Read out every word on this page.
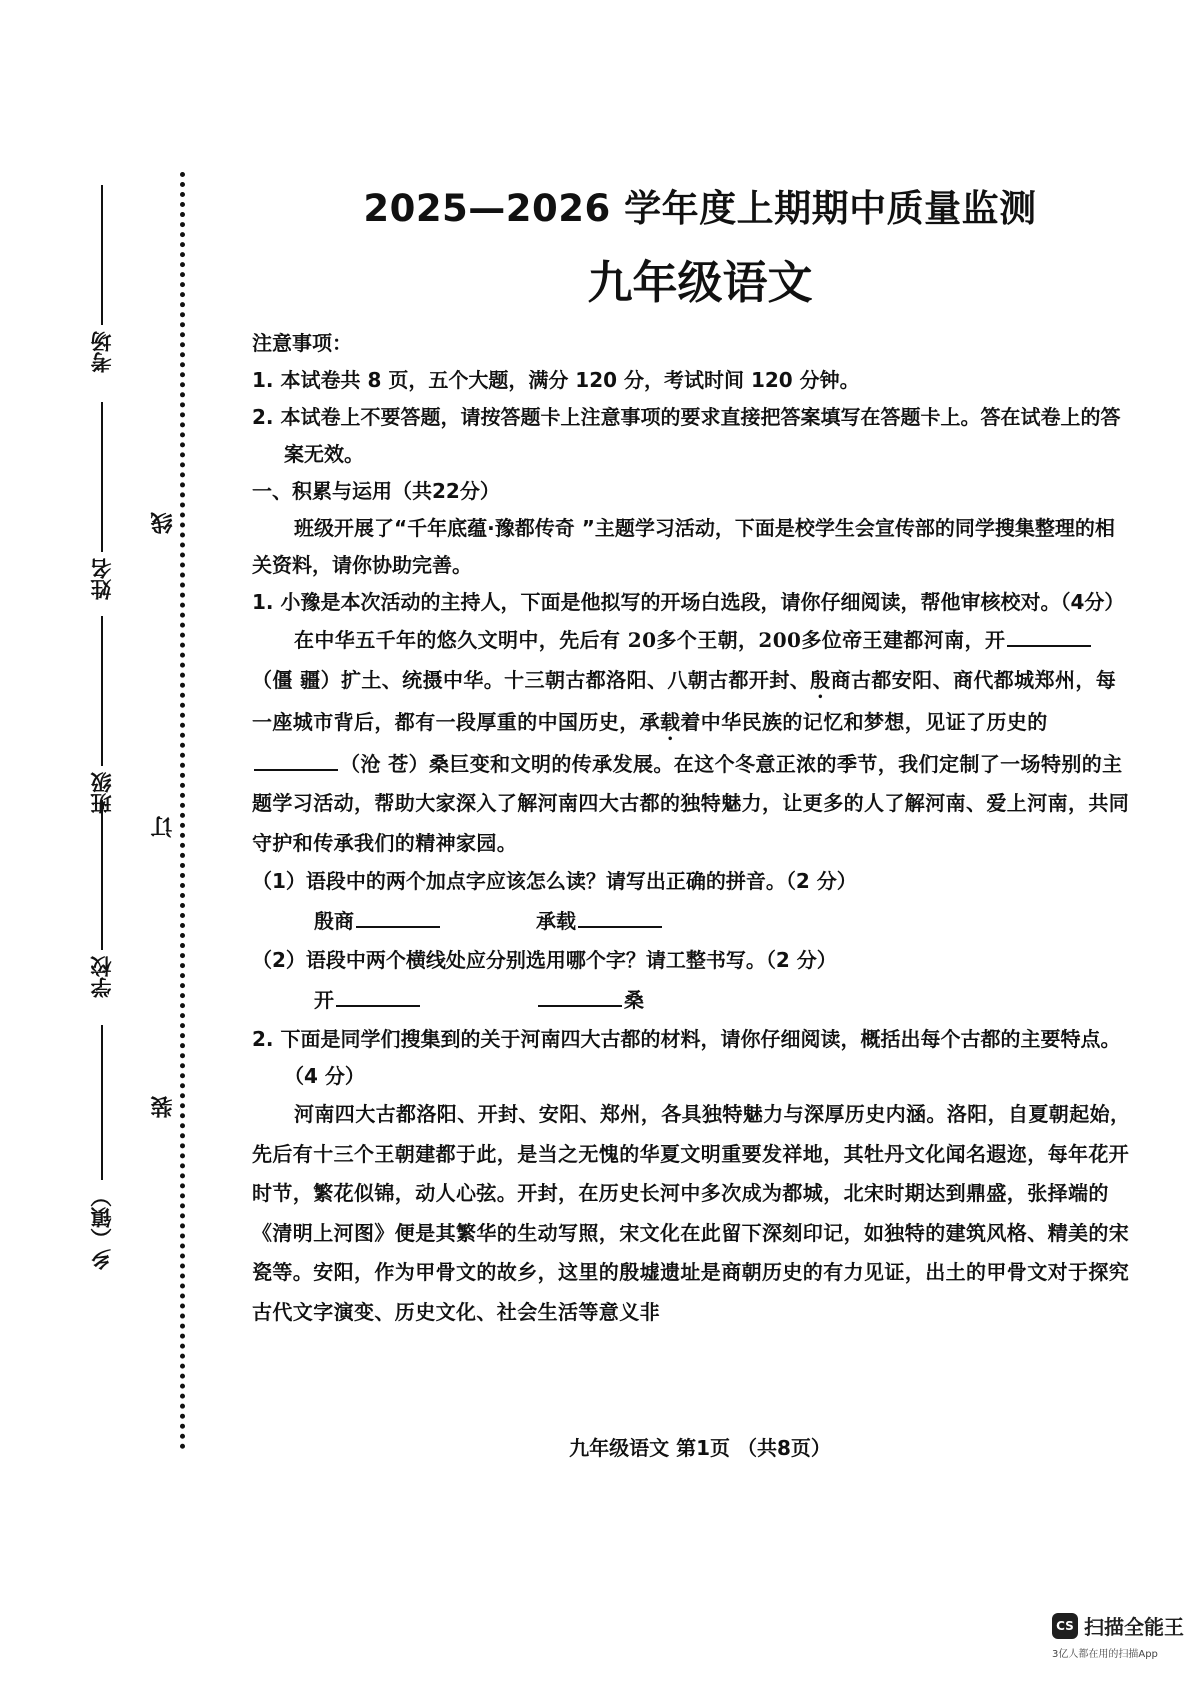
考场
姓名
班级
学校
乡（镇）
线
订
装
2025—2026 学年度上期期中质量监测
九年级语文

注意事项：

1. 本试卷共 8 页，五个大题，满分 120 分，考试时间 120 分钟。

2. 本试卷上不要答题，请按答题卡上注意事项的要求直接把答案填写在答题卡上。答在试卷上的答案无效。

一、积累与运用（共22分）

班级开展了“千年底蕴·豫都传奇 ”主题学习活动，下面是校学生会宣传部的同学搜集整理的相关资料，请你协助完善。

1. 小豫是本次活动的主持人，下面是他拟写的开场白选段，请你仔细阅读，帮他审核校对。（4分）

在中华五千年的悠久文明中，先后有 20多个王朝，200多位帝王建都河南，开（僵 疆）扩土、统摄中华。十三朝古都洛阳、八朝古都开封、殷商古都安阳、商代都城郑州，每一座城市背后，都有一段厚重的中国历史，承载着中华民族的记忆和梦想，见证了历史的（沧 苍）桑巨变和文明的传承发展。在这个冬意正浓的季节，我们定制了一场特别的主题学习活动，帮助大家深入了解河南四大古都的独特魅力，让更多的人了解河南、爱上河南，共同守护和传承我们的精神家园。

（1）语段中的两个加点字应该怎么读？请写出正确的拼音。（2 分）

殷商	承载

（2）语段中两个横线处应分别选用哪个字？请工整书写。（2 分）

开	桑

2. 下面是同学们搜集到的关于河南四大古都的材料，请你仔细阅读，概括出每个古都的主要特点。（4 分）

河南四大古都洛阳、开封、安阳、郑州，各具独特魅力与深厚历史内涵。洛阳，自夏朝起始，先后有十三个王朝建都于此，是当之无愧的华夏文明重要发祥地，其牡丹文化闻名遐迩，每年花开时节，繁花似锦，动人心弦。开封，在历史长河中多次成为都城，北宋时期达到鼎盛，张择端的《清明上河图》便是其繁华的生动写照，宋文化在此留下深刻印记，如独特的建筑风格、精美的宋瓷等。安阳，作为甲骨文的故乡，这里的殷墟遗址是商朝历史的有力见证，出土的甲骨文对于探究古代文字演变、历史文化、社会生活等意义非

九年级语文 第1页 （共8页）
CS 扫描全能王
3亿人都在用的扫描App
